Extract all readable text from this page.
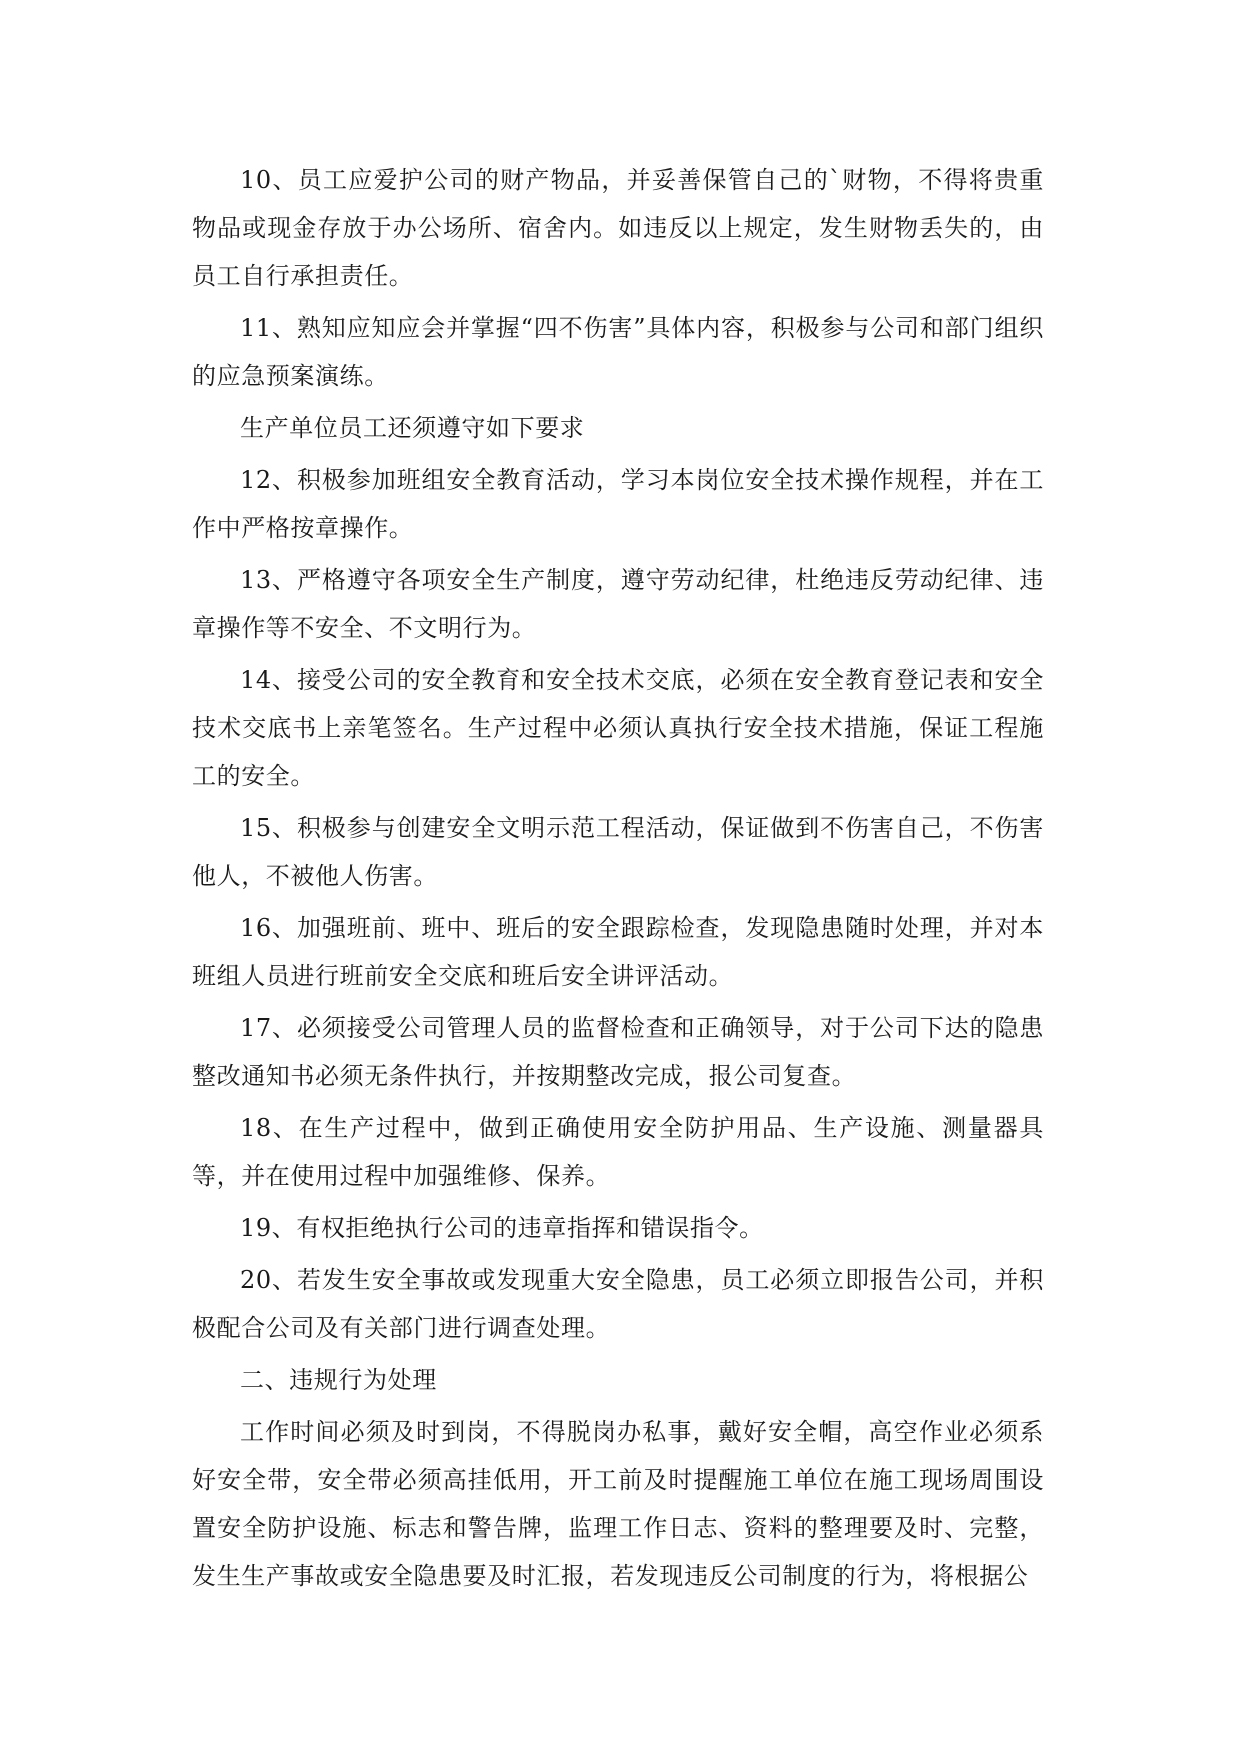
10、员工应爱护公司的财产物品，并妥善保管自己的`财物，不得将贵重物品或现金存放于办公场所、宿舍内。如违反以上规定，发生财物丢失的，由员工自行承担责任。

11、熟知应知应会并掌握“四不伤害”具体内容，积极参与公司和部门组织的应急预案演练。

生产单位员工还须遵守如下要求

12、积极参加班组安全教育活动，学习本岗位安全技术操作规程，并在工作中严格按章操作。

13、严格遵守各项安全生产制度，遵守劳动纪律，杜绝违反劳动纪律、违章操作等不安全、不文明行为。

14、接受公司的安全教育和安全技术交底，必须在安全教育登记表和安全技术交底书上亲笔签名。生产过程中必须认真执行安全技术措施，保证工程施工的安全。

15、积极参与创建安全文明示范工程活动，保证做到不伤害自己，不伤害他人，不被他人伤害。

16、加强班前、班中、班后的安全跟踪检查，发现隐患随时处理，并对本班组人员进行班前安全交底和班后安全讲评活动。

17、必须接受公司管理人员的监督检查和正确领导，对于公司下达的隐患整改通知书必须无条件执行，并按期整改完成，报公司复查。

18、在生产过程中，做到正确使用安全防护用品、生产设施、测量器具等，并在使用过程中加强维修、保养。

19、有权拒绝执行公司的违章指挥和错误指令。

20、若发生安全事故或发现重大安全隐患，员工必须立即报告公司，并积极配合公司及有关部门进行调查处理。

二、违规行为处理

工作时间必须及时到岗，不得脱岗办私事，戴好安全帽，高空作业必须系好安全带，安全带必须高挂低用，开工前及时提醒施工单位在施工现场周围设置安全防护设施、标志和警告牌，监理工作日志、资料的整理要及时、完整，发生生产事故或安全隐患要及时汇报，若发现违反公司制度的行为，将根据公
